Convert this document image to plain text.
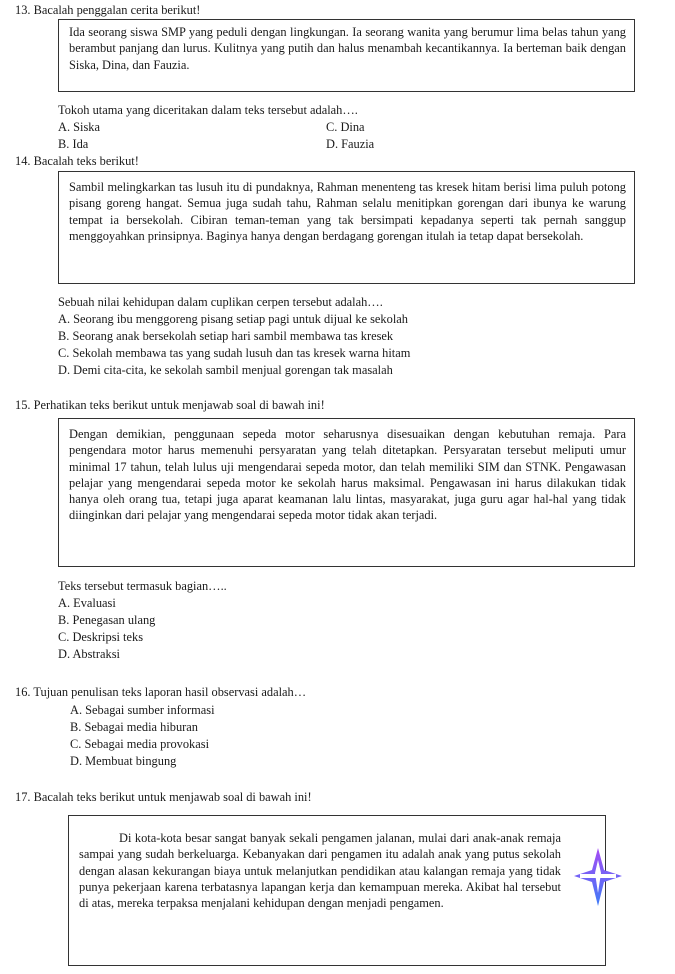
13. Bacalah penggalan cerita berikut!
Ida seorang siswa SMP yang peduli dengan lingkungan. Ia seorang wanita yang berumur lima belas tahun yang berambut panjang dan lurus. Kulitnya yang putih dan halus menambah kecantikannya. Ia berteman baik dengan Siska, Dina, dan Fauzia.
Tokoh utama yang diceritakan dalam teks tersebut adalah….
A. Siska	C. Dina
B. Ida	D. Fauzia
14. Bacalah teks berikut!
Sambil melingkarkan tas lusuh itu di pundaknya, Rahman menenteng tas kresek hitam berisi lima puluh potong pisang goreng hangat. Semua juga sudah tahu, Rahman selalu menitipkan gorengan dari ibunya ke warung tempat ia bersekolah. Cibiran teman-teman yang tak bersimpati kepadanya seperti tak pernah sanggup menggoyahkan prinsipnya. Baginya hanya dengan berdagang gorengan itulah ia tetap dapat bersekolah.
Sebuah nilai kehidupan dalam cuplikan cerpen tersebut adalah….
A. Seorang ibu menggoreng pisang setiap pagi untuk dijual ke sekolah
B. Seorang anak bersekolah setiap hari sambil membawa tas kresek
C. Sekolah membawa tas yang sudah lusuh dan tas kresek warna hitam
D. Demi cita-cita, ke sekolah sambil menjual gorengan tak masalah
15. Perhatikan teks berikut untuk menjawab soal di bawah ini!
Dengan demikian, penggunaan sepeda motor seharusnya disesuaikan dengan kebutuhan remaja. Para pengendara motor harus memenuhi persyaratan yang telah ditetapkan. Persyaratan tersebut meliputi umur minimal 17 tahun, telah lulus uji mengendarai sepeda motor, dan telah memiliki SIM dan STNK. Pengawasan pelajar yang mengendarai sepeda motor ke sekolah harus maksimal. Pengawasan ini harus dilakukan tidak hanya oleh orang tua, tetapi juga aparat keamanan lalu lintas, masyarakat, juga guru agar hal-hal yang tidak diinginkan dari pelajar yang mengendarai sepeda motor tidak akan terjadi.
Teks tersebut termasuk bagian…..
A. Evaluasi
B. Penegasan ulang
C. Deskripsi teks
D. Abstraksi
16. Tujuan penulisan teks laporan hasil observasi adalah…
A. Sebagai sumber informasi
B. Sebagai media hiburan
C. Sebagai media provokasi
D. Membuat bingung
17. Bacalah teks berikut untuk menjawab soal di bawah ini!
Di kota-kota besar sangat banyak sekali pengamen jalanan, mulai dari anak-anak remaja sampai yang sudah berkeluarga. Kebanyakan dari pengamen itu adalah anak yang putus sekolah dengan alasan kekurangan biaya untuk melanjutkan pendidikan atau kalangan remaja yang tidak punya pekerjaan karena terbatasnya lapangan kerja dan kemampuan mereka. Akibat hal tersebut di atas, mereka terpaksa menjalani kehidupan dengan menjadi pengamen.
